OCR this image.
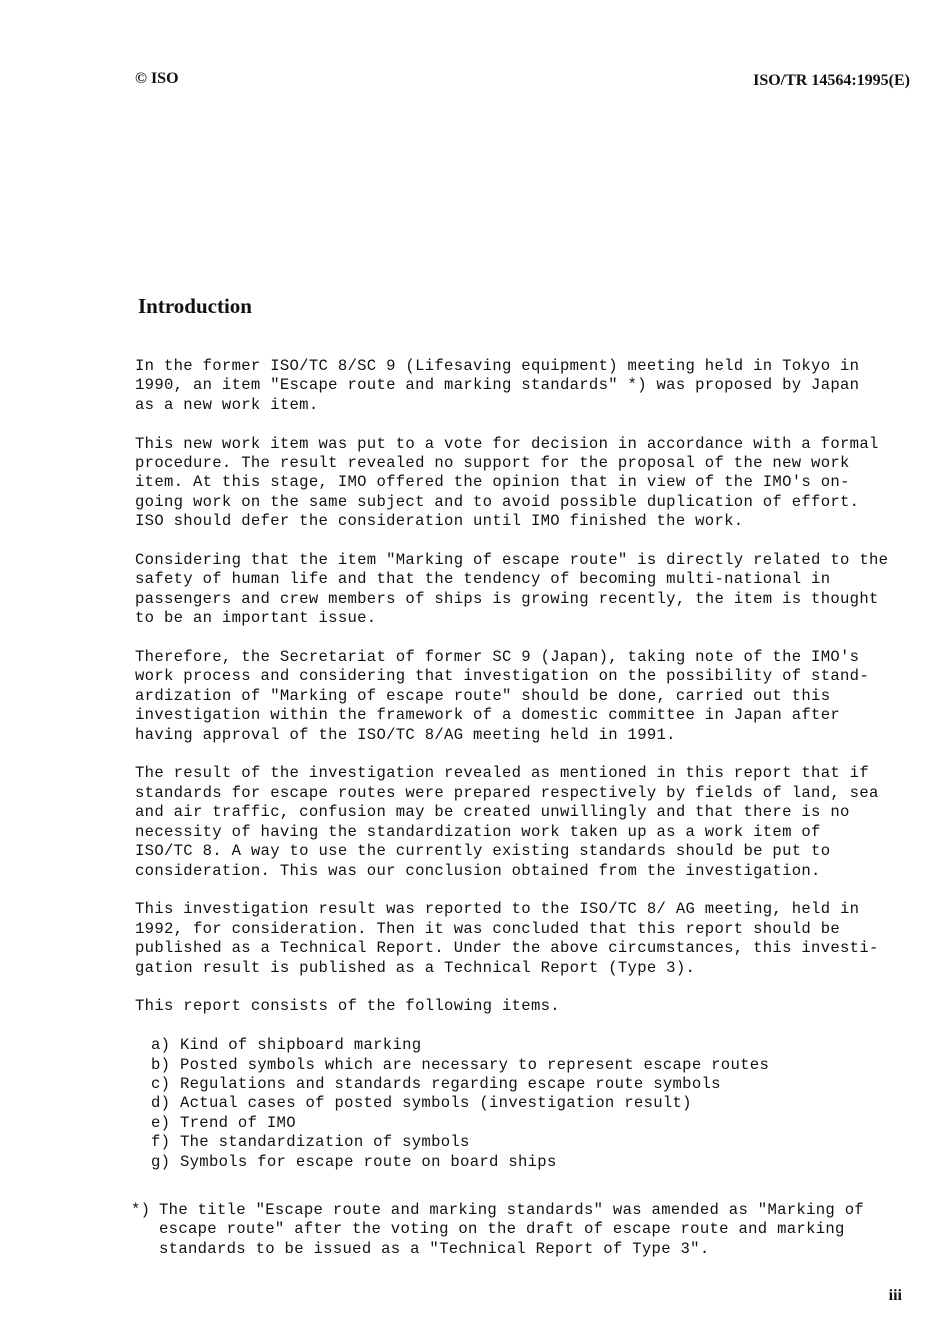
© ISO	ISO/TR 14564:1995(E)
Introduction

In the former ISO/TC 8/SC 9 (Lifesaving equipment) meeting held in Tokyo in
1990, an item "Escape route and marking standards" *) was proposed by Japan
as a new work item.

This new work item was put to a vote for decision in accordance with a formal
procedure. The result revealed no support for the proposal of the new work
item. At this stage, IMO offered the opinion that in view of the IMO's on-
going work on the same subject and to avoid possible duplication of effort.
ISO should defer the consideration until IMO finished the work.

Considering that the item "Marking of escape route" is directly related to the
safety of human life and that the tendency of becoming multi-national in
passengers and crew members of ships is growing recently, the item is thought
to be an important issue.

Therefore, the Secretariat of former SC 9 (Japan), taking note of the IMO's
work process and considering that investigation on the possibility of stand-
ardization of "Marking of escape route" should be done, carried out this
investigation within the framework of a domestic committee in Japan after
having approval of the ISO/TC 8/AG meeting held in 1991.

The result of the investigation revealed as mentioned in this report that if
standards for escape routes were prepared respectively by fields of land, sea
and air traffic, confusion may be created unwillingly and that there is no
necessity of having the standardization work taken up as a work item of
ISO/TC 8. A way to use the currently existing standards should be put to
consideration. This was our conclusion obtained from the investigation.

This investigation result was reported to the ISO/TC 8/ AG meeting, held in
1992, for consideration. Then it was concluded that this report should be
published as a Technical Report. Under the above circumstances, this investi-
gation result is published as a Technical Report (Type 3).

This report consists of the following items.

a) Kind of shipboard marking
b) Posted symbols which are necessary to represent escape routes
c) Regulations and standards regarding escape route symbols
d) Actual cases of posted symbols (investigation result)
e) Trend of IMO
f) The standardization of symbols
g) Symbols for escape route on board ships
*) The title "Escape route and marking standards" was amended as "Marking of
escape route" after the voting on the draft of escape route and marking
standards to be issued as a "Technical Report of Type 3".
iii
